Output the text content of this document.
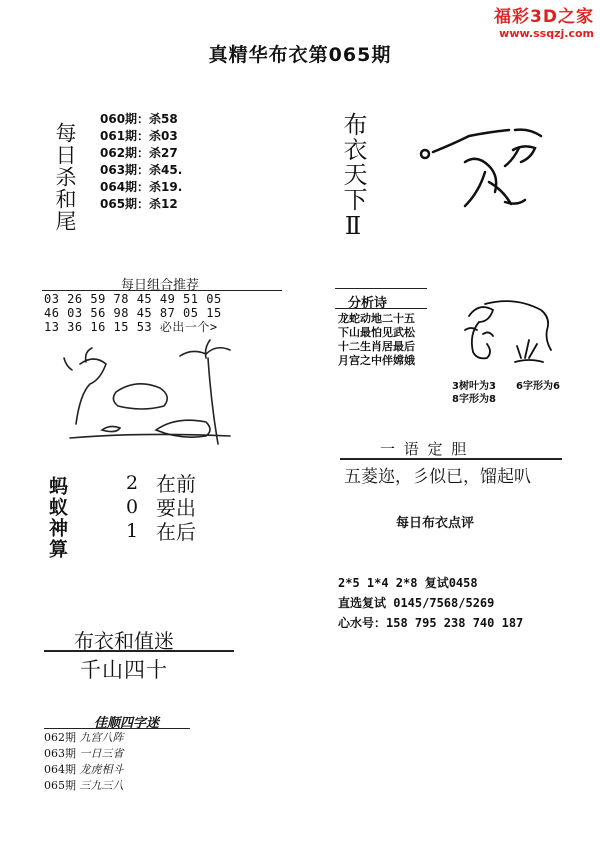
福彩3D之家
www.ssqzj.com
真精华布衣第065期
每日杀和尾
060期：杀58
061期：杀03
062期：杀27
063期：杀45.
064期：杀19.
065期：杀12	布衣天下Ⅱ
每日组合推荐
03 26 59 78 45 49 51 05
46 03 56 98 45 87 05 15
13 36 16 15 53 必出一个>
分析诗
龙蛇动地二十五
下山最怕见武松
十二生肖居最后
月宫之中伴嫦娥
3树叶为3 6字形为6
8字形为8
一 语 定 胆
五菱迩，彡似已，馏起叭
蚂蚁神算	2 在前
0 要出
1 在后	每日布衣点评
2*5 1*4 2*8 复试0458
直选复试 0145/7568/5269
心水号：158 795 238 740 187
布衣和值迷
千山四十
佳顺四字迷
062期 九宫八阵
063期 一日三省
064期 龙虎相斗
065期 三九三八
